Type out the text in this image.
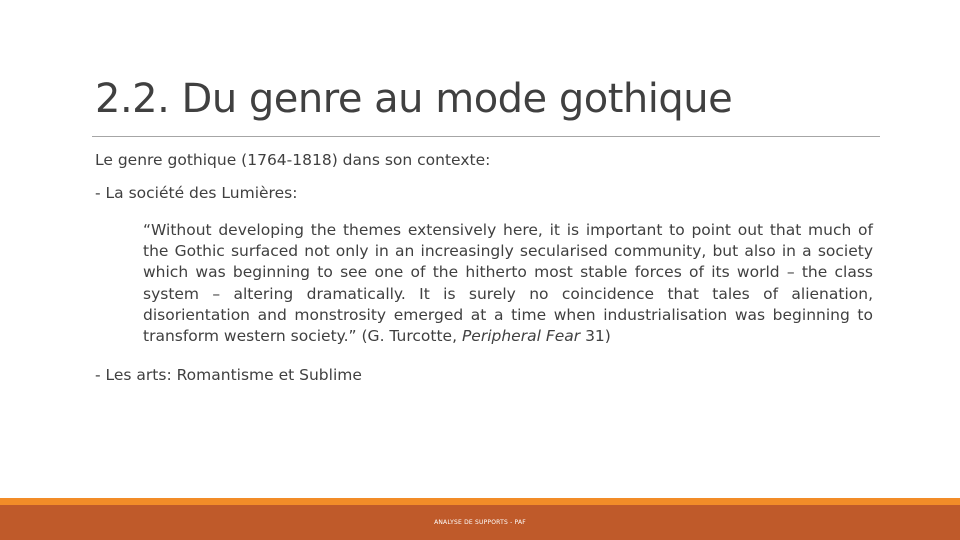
2.2. Du genre au mode gothique
Le genre gothique (1764-1818) dans son contexte:
- La société des Lumières:
“Without developing the themes extensively here, it is important to point out that much of the Gothic surfaced not only in an increasingly secularised community, but also in a society which was beginning to see one of the hitherto most stable forces of its world – the class system – altering dramatically. It is surely no coincidence that tales of alienation, disorientation and monstrosity emerged at a time when industrialisation was beginning to transform western society.” (G. Turcotte, Peripheral Fear 31)
- Les arts: Romantisme et Sublime
ANALYSE DE SUPPORTS - PAF
